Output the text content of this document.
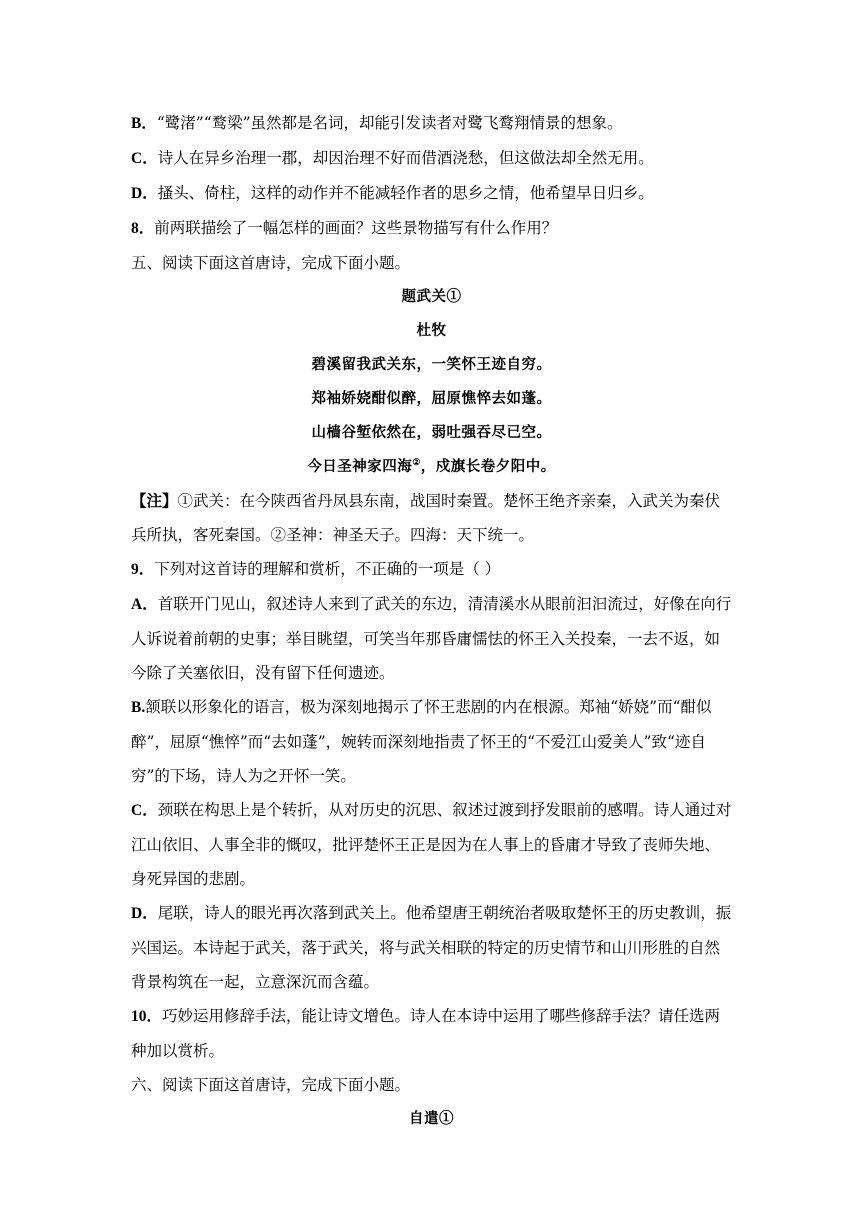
B．“鹭渚”“鹜梁”虽然都是名词，却能引发读者对鹭飞鹜翔情景的想象。

C．诗人在异乡治理一郡，却因治理不好而借酒浇愁，但这做法却全然无用。

D．搔头、倚柱，这样的动作并不能减轻作者的思乡之情，他希望早日归乡。

8．前两联描绘了一幅怎样的画面？这些景物描写有什么作用？

五、阅读下面这首唐诗，完成下面小题。

题武关①

杜牧

碧溪留我武关东，一笑怀王迹自穷。

郑袖娇娆酣似醉，屈原憔悴去如蓬。

山樯谷堑依然在，弱吐强吞尽已空。

今日圣神家四海②，戍旗长卷夕阳中。

【注】①武关：在今陕西省丹凤县东南，战国时秦置。楚怀王绝齐亲秦，入武关为秦伏兵所执，客死秦国。②圣神：神圣天子。四海：天下统一。

9．下列对这首诗的理解和赏析，不正确的一项是（ ）

A．首联开门见山，叙述诗人来到了武关的东边，清清溪水从眼前汩汩流过，好像在向行人诉说着前朝的史事；举目眺望，可笑当年那昏庸懦怯的怀王入关投秦，一去不返，如今除了关塞依旧，没有留下任何遗迹。

B.颔联以形象化的语言，极为深刻地揭示了怀王悲剧的内在根源。郑袖“娇娆”而“酣似醉”，屈原“憔悴”而“去如蓬”，婉转而深刻地指责了怀王的“不爱江山爱美人”致“迹自穷”的下场，诗人为之开怀一笑。

C．颈联在构思上是个转折，从对历史的沉思、叙述过渡到抒发眼前的感喟。诗人通过对江山依旧、人事全非的慨叹，批评楚怀王正是因为在人事上的昏庸才导致了丧师失地、身死异国的悲剧。

D．尾联，诗人的眼光再次落到武关上。他希望唐王朝统治者吸取楚怀王的历史教训，振兴国运。本诗起于武关，落于武关，将与武关相联的特定的历史情节和山川形胜的自然背景构筑在一起，立意深沉而含蕴。

10．巧妙运用修辞手法，能让诗文增色。诗人在本诗中运用了哪些修辞手法？请任选两种加以赏析。

六、阅读下面这首唐诗，完成下面小题。

自遣①
